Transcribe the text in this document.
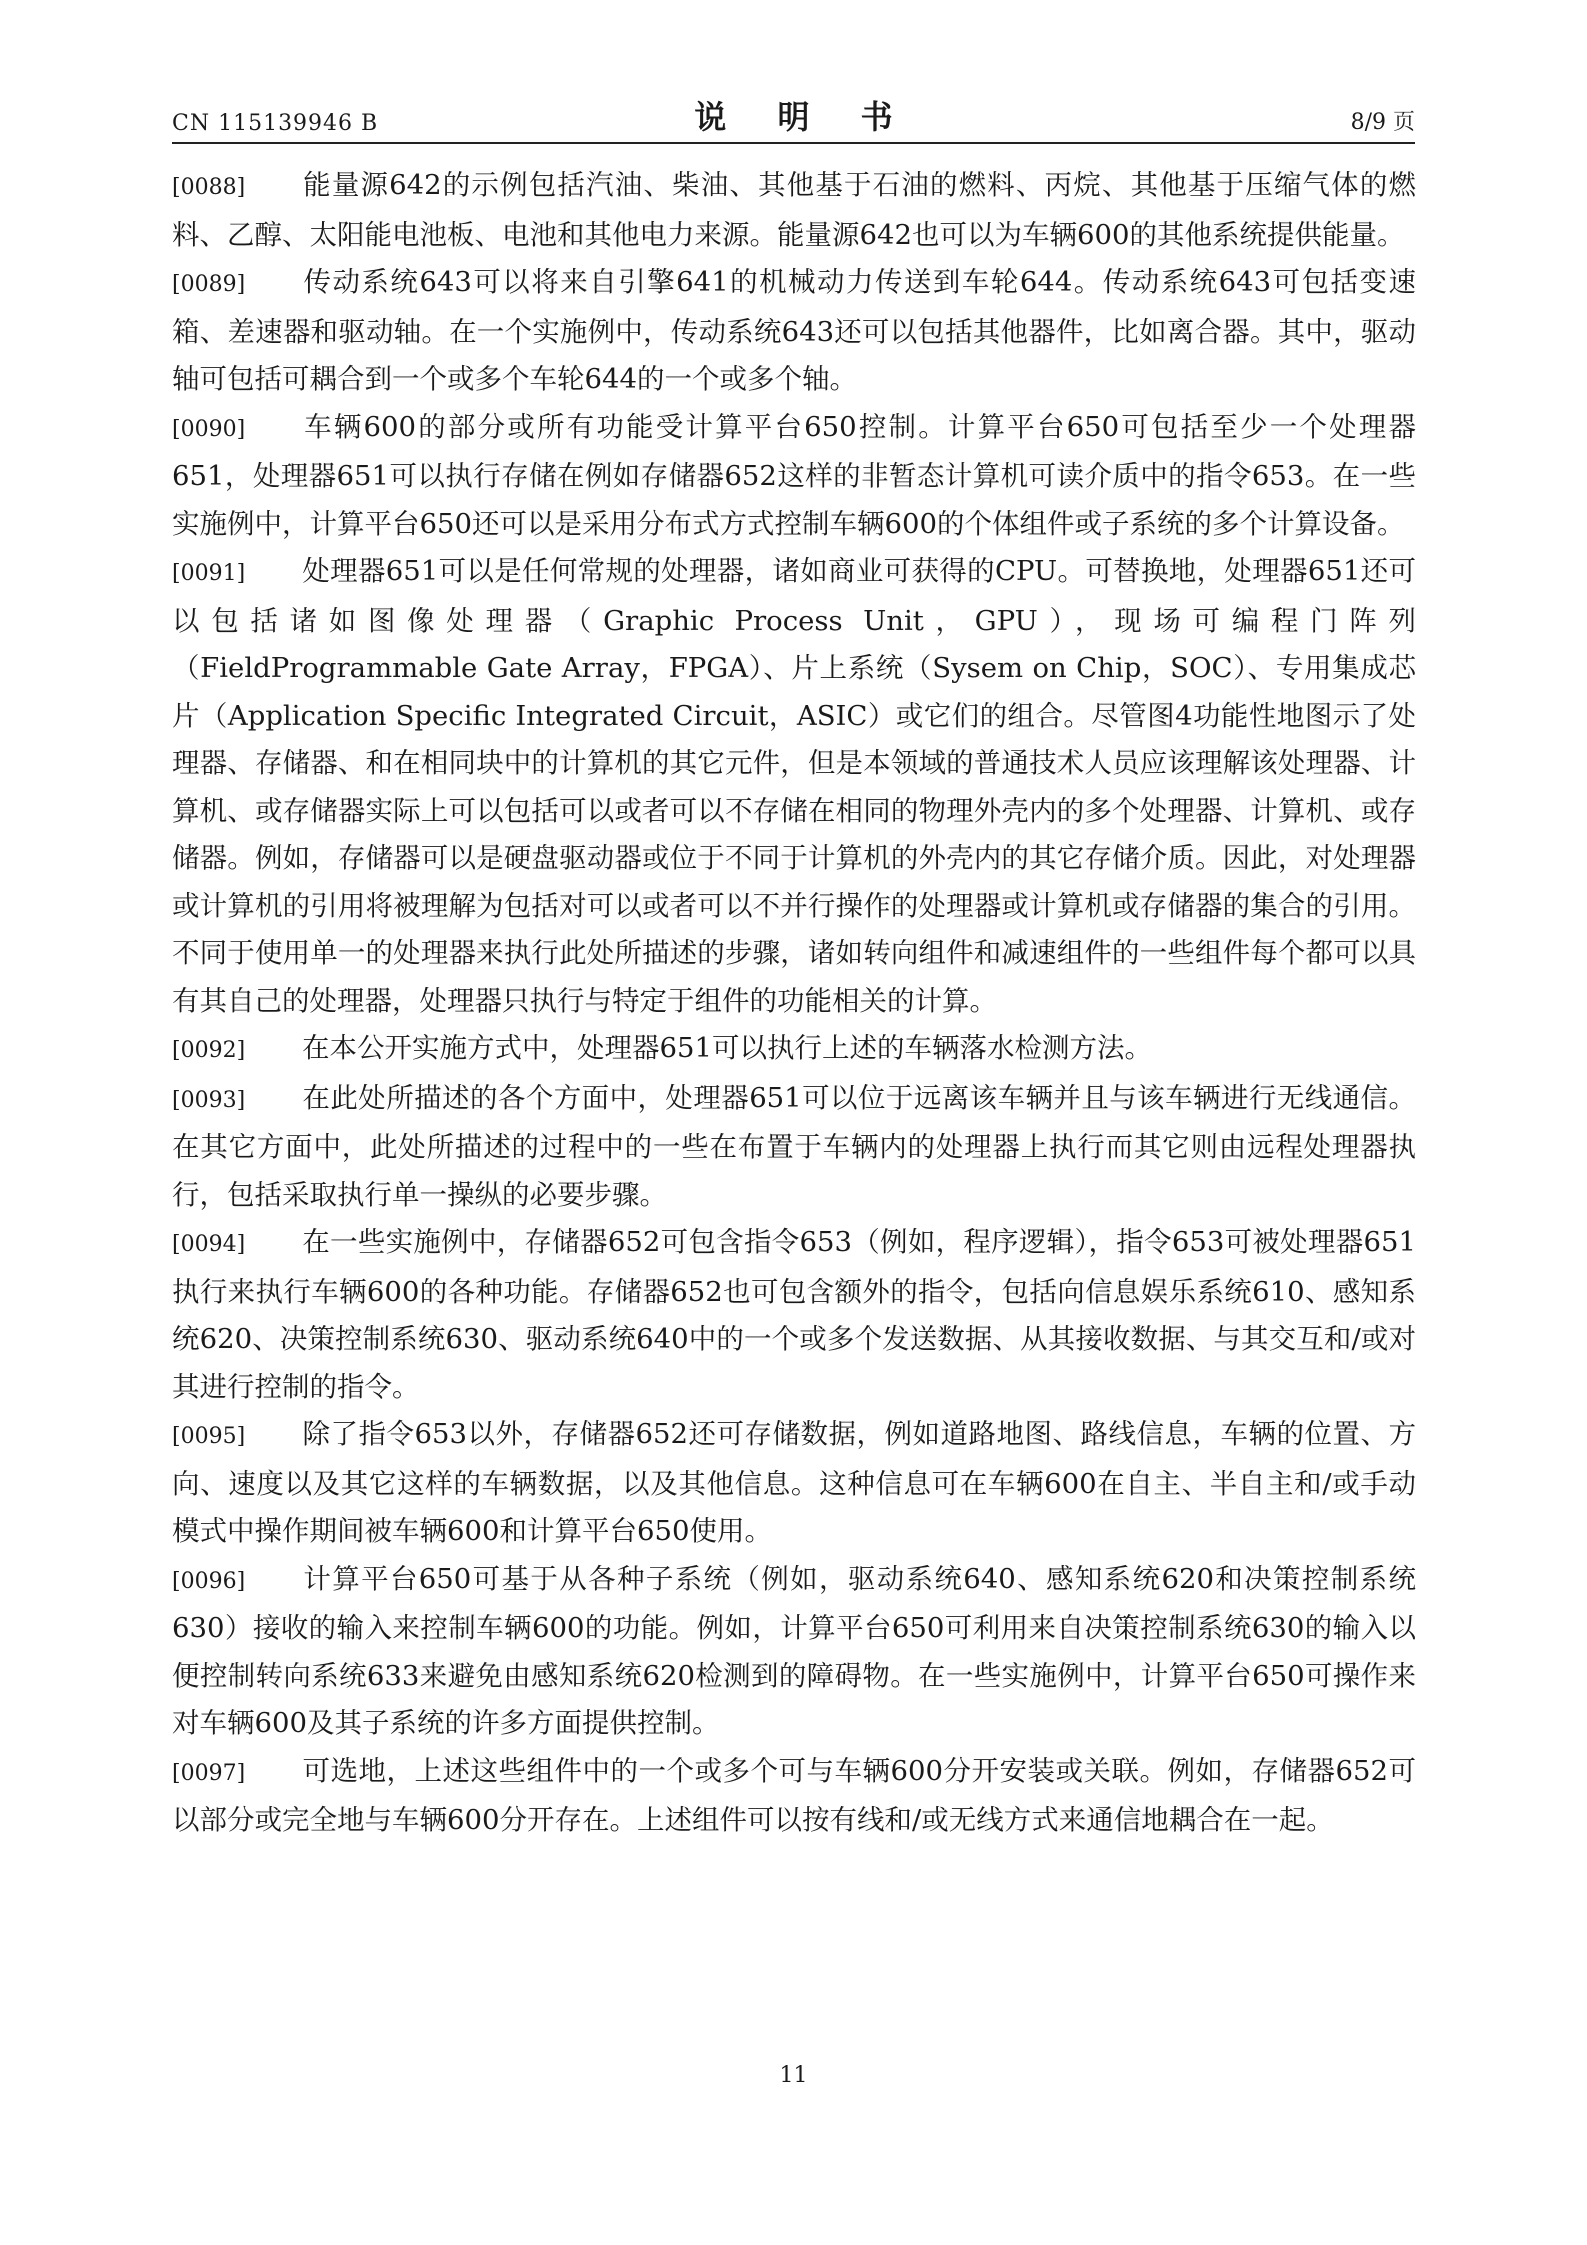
CN 115139946 B	说 明 书	8/9 页

[0088] 能量源642的示例包括汽油、柴油、其他基于石油的燃料、丙烷、其他基于压缩气体的燃料、乙醇、太阳能电池板、电池和其他电力来源。能量源642也可以为车辆600的其他系统提供能量。

[0089] 传动系统643可以将来自引擎641的机械动力传送到车轮644。传动系统643可包括变速箱、差速器和驱动轴。在一个实施例中，传动系统643还可以包括其他器件，比如离合器。其中，驱动轴可包括可耦合到一个或多个车轮644的一个或多个轴。

[0090] 车辆600的部分或所有功能受计算平台650控制。计算平台650可包括至少一个处理器651，处理器651可以执行存储在例如存储器652这样的非暂态计算机可读介质中的指令653。在一些实施例中，计算平台650还可以是采用分布式方式控制车辆600的个体组件或子系统的多个计算设备。

[0091] 处理器651可以是任何常规的处理器，诸如商业可获得的CPU。可替换地，处理器651还可以包括诸如图像处理器（Graphic Process Unit，GPU），现场可编程门阵列（FieldProgrammable Gate Array，FPGA）、片上系统（Sysem on Chip，SOC）、专用集成芯片（Application Specific Integrated Circuit，ASIC）或它们的组合。尽管图4功能性地图示了处理器、存储器、和在相同块中的计算机的其它元件，但是本领域的普通技术人员应该理解该处理器、计算机、或存储器实际上可以包括可以或者可以不存储在相同的物理外壳内的多个处理器、计算机、或存储器。例如，存储器可以是硬盘驱动器或位于不同于计算机的外壳内的其它存储介质。因此，对处理器或计算机的引用将被理解为包括对可以或者可以不并行操作的处理器或计算机或存储器的集合的引用。不同于使用单一的处理器来执行此处所描述的步骤，诸如转向组件和减速组件的一些组件每个都可以具有其自己的处理器，处理器只执行与特定于组件的功能相关的计算。

[0092] 在本公开实施方式中，处理器651可以执行上述的车辆落水检测方法。

[0093] 在此处所描述的各个方面中，处理器651可以位于远离该车辆并且与该车辆进行无线通信。在其它方面中，此处所描述的过程中的一些在布置于车辆内的处理器上执行而其它则由远程处理器执行，包括采取执行单一操纵的必要步骤。

[0094] 在一些实施例中，存储器652可包含指令653（例如，程序逻辑），指令653可被处理器651执行来执行车辆600的各种功能。存储器652也可包含额外的指令，包括向信息娱乐系统610、感知系统620、决策控制系统630、驱动系统640中的一个或多个发送数据、从其接收数据、与其交互和/或对其进行控制的指令。

[0095] 除了指令653以外，存储器652还可存储数据，例如道路地图、路线信息，车辆的位置、方向、速度以及其它这样的车辆数据，以及其他信息。这种信息可在车辆600在自主、半自主和/或手动模式中操作期间被车辆600和计算平台650使用。

[0096] 计算平台650可基于从各种子系统（例如，驱动系统640、感知系统620和决策控制系统630）接收的输入来控制车辆600的功能。例如，计算平台650可利用来自决策控制系统630的输入以便控制转向系统633来避免由感知系统620检测到的障碍物。在一些实施例中，计算平台650可操作来对车辆600及其子系统的许多方面提供控制。

[0097] 可选地，上述这些组件中的一个或多个可与车辆600分开安装或关联。例如，存储器652可以部分或完全地与车辆600分开存在。上述组件可以按有线和/或无线方式来通信地耦合在一起。

11
